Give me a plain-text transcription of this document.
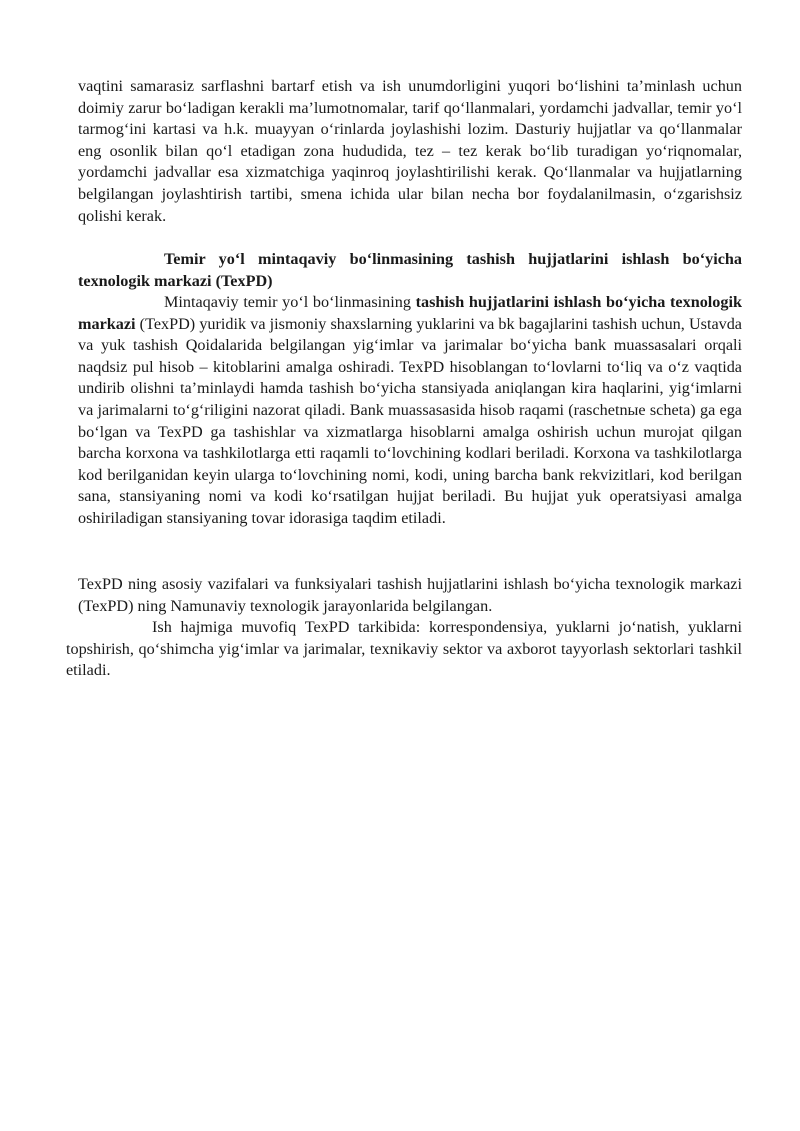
vaqtini samarasiz sarflashni bartarf etish va ish unumdorligini yuqori bo‘lishini ta’minlash uchun doimiy zarur bo‘ladigan kerakli ma’lumotnomalar, tarif qo‘llanmalari, yordamchi jadvallar, temir yo‘l tarmog‘ini kartasi va h.k. muayyan o‘rinlarda joylashishi lozim. Dasturiy hujjatlar va qo‘llanmalar eng osonlik bilan qo‘l etadigan zona hududida, tez – tez kerak bo‘lib turadigan yo‘riqnomalar, yordamchi jadvallar esa xizmatchiga yaqinroq joylashtirilishi kerak. Qo‘llanmalar va hujjatlarning belgilangan joylashtirish tartibi, smena ichida ular bilan necha bor foydalanilmasin, o‘zgarishsiz qolishi kerak.

Temir yo‘l mintaqaviy bo‘linmasining tashish hujjatlarini ishlash bo‘yicha texnologik markazi (TexPD)

Mintaqaviy temir yo‘l bo‘linmasining tashish hujjatlarini ishlash bo‘yicha texnologik markazi (TexPD) yuridik va jismoniy shaxslarning yuklarini va bk bagajlarini tashish uchun, Ustavda va yuk tashish Qoidalarida belgilangan yig‘imlar va jarimalar bo‘yicha bank muassasalari orqali naqdsiz pul hisob – kitoblarini amalga oshiradi. TexPD hisoblangan to‘lovlarni to‘liq va o‘z vaqtida undirib olishni ta’minlaydi hamda tashish bo‘yicha stansiyada aniqlangan kira haqlarini, yig‘imlarni va jarimalarni to‘g‘riligini nazorat qiladi. Bank muassasasida hisob raqami (raschetnые scheta) ga ega bo‘lgan va TexPD ga tashishlar va xizmatlarga hisoblarni amalga oshirish uchun murojat qilgan barcha korxona va tashkilotlarga etti raqamli to‘lovchining kodlari beriladi. Korxona va tashkilotlarga kod berilganidan keyin ularga to‘lovchining nomi, kodi, uning barcha bank rekvizitlari, kod berilgan sana, stansiyaning nomi va kodi ko‘rsatilgan hujjat beriladi. Bu hujjat yuk operatsiyasi amalga oshiriladigan stansiyaning tovar idorasiga taqdim etiladi.

TexPD ning asosiy vazifalari va funksiyalari tashish hujjatlarini ishlash bo‘yicha texnologik markazi (TexPD) ning Namunaviy texnologik jarayonlarida belgilangan.

Ish hajmiga muvofiq TexPD tarkibida: korrespondensiya, yuklarni jo‘natish, yuklarni topshirish, qo‘shimcha yig‘imlar va jarimalar, texnikaviy sektor va axborot tayyorlash sektorlari tashkil etiladi.
